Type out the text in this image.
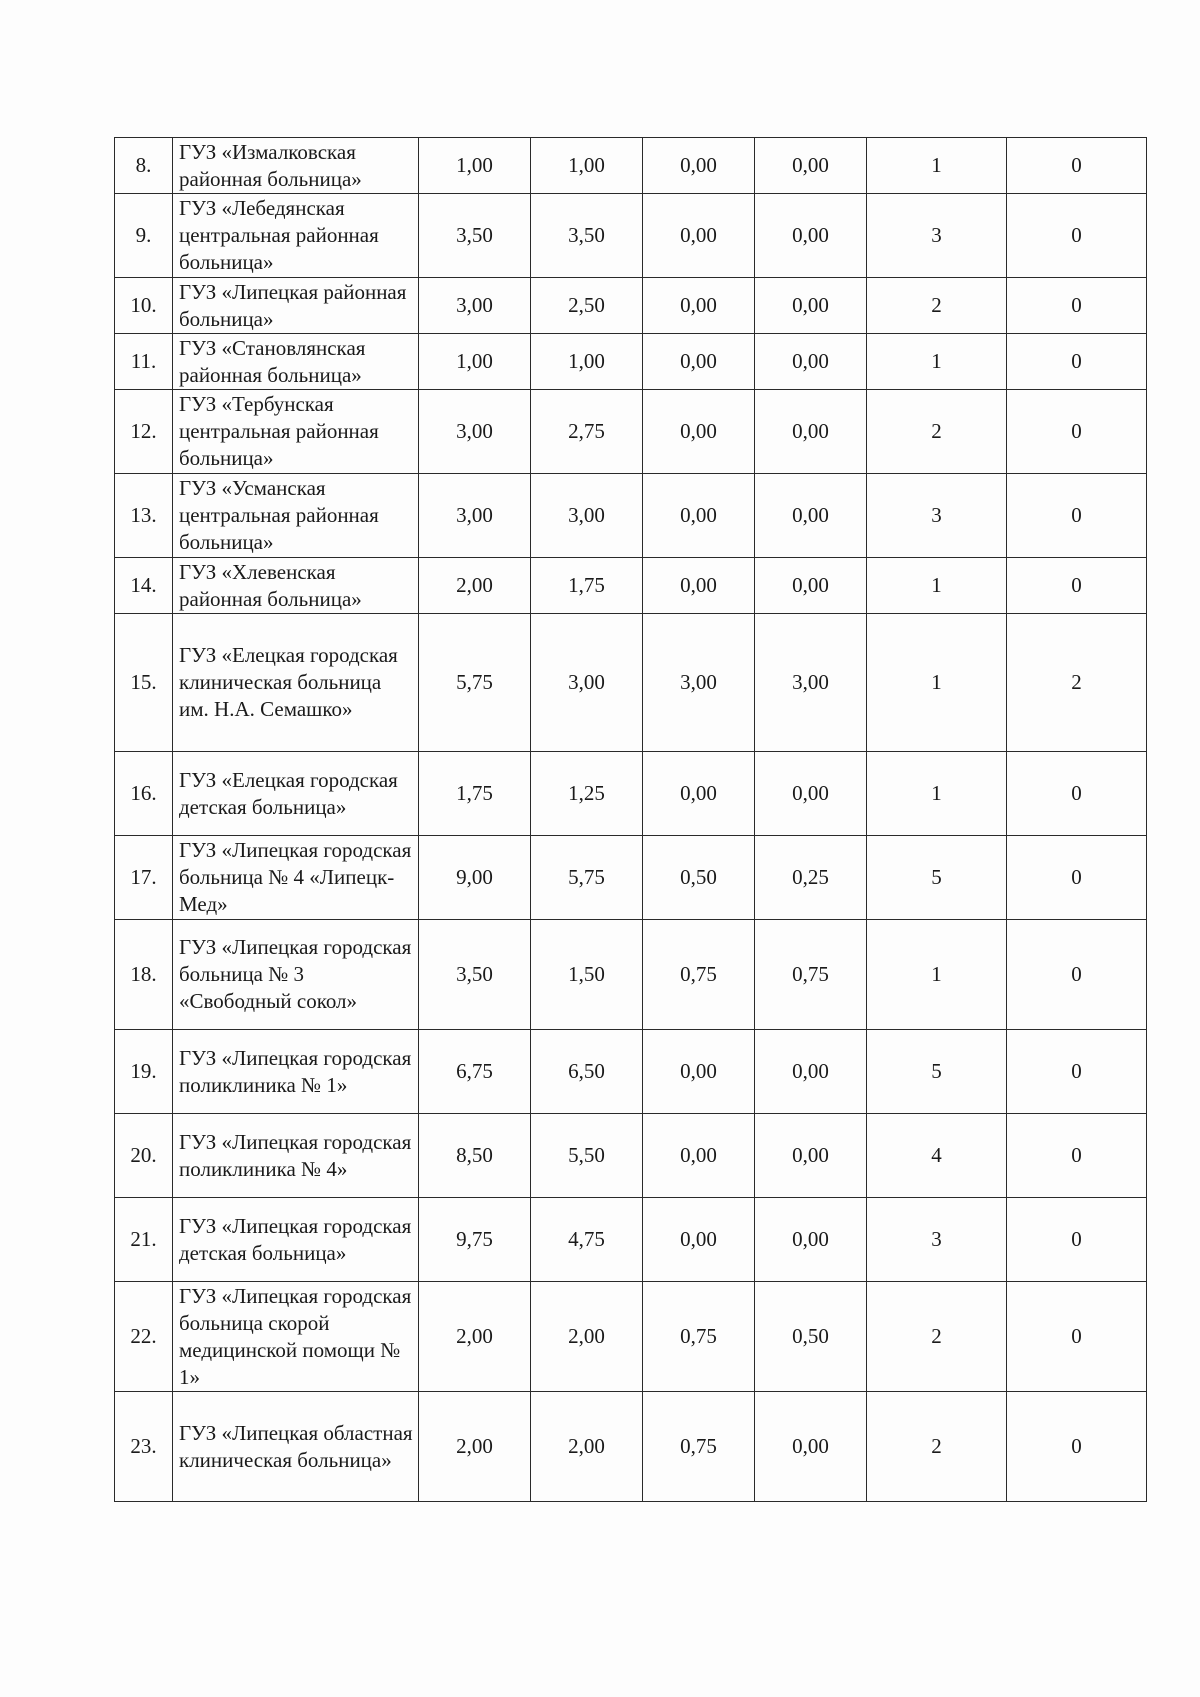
8.	ГУЗ «Измалковская районная больница»	1,00	1,00	0,00	0,00	1	0
9.	ГУЗ «Лебедянская центральная районная больница»	3,50	3,50	0,00	0,00	3	0
10.	ГУЗ «Липецкая районная больница»	3,00	2,50	0,00	0,00	2	0
11.	ГУЗ «Становлянская районная больница»	1,00	1,00	0,00	0,00	1	0
12.	ГУЗ «Тербунская центральная районная больница»	3,00	2,75	0,00	0,00	2	0
13.	ГУЗ «Усманская центральная районная больница»	3,00	3,00	0,00	0,00	3	0
14.	ГУЗ «Хлевенская районная больница»	2,00	1,75	0,00	0,00	1	0
15.	ГУЗ «Елецкая городская клиническая больница им. Н.А. Семашко»	5,75	3,00	3,00	3,00	1	2
16.	ГУЗ «Елецкая городская детская больница»	1,75	1,25	0,00	0,00	1	0
17.	ГУЗ «Липецкая городская больница № 4 «Липецк-Мед»	9,00	5,75	0,50	0,25	5	0
18.	ГУЗ «Липецкая городская больница № 3 «Свободный сокол»	3,50	1,50	0,75	0,75	1	0
19.	ГУЗ «Липецкая городская поликлиника № 1»	6,75	6,50	0,00	0,00	5	0
20.	ГУЗ «Липецкая городская поликлиника № 4»	8,50	5,50	0,00	0,00	4	0
21.	ГУЗ «Липецкая городская детская больница»	9,75	4,75	0,00	0,00	3	0
22.	ГУЗ «Липецкая городская больница скорой медицинской помощи № 1»	2,00	2,00	0,75	0,50	2	0
23.	ГУЗ «Липецкая областная клиническая больница»	2,00	2,00	0,75	0,00	2	0
